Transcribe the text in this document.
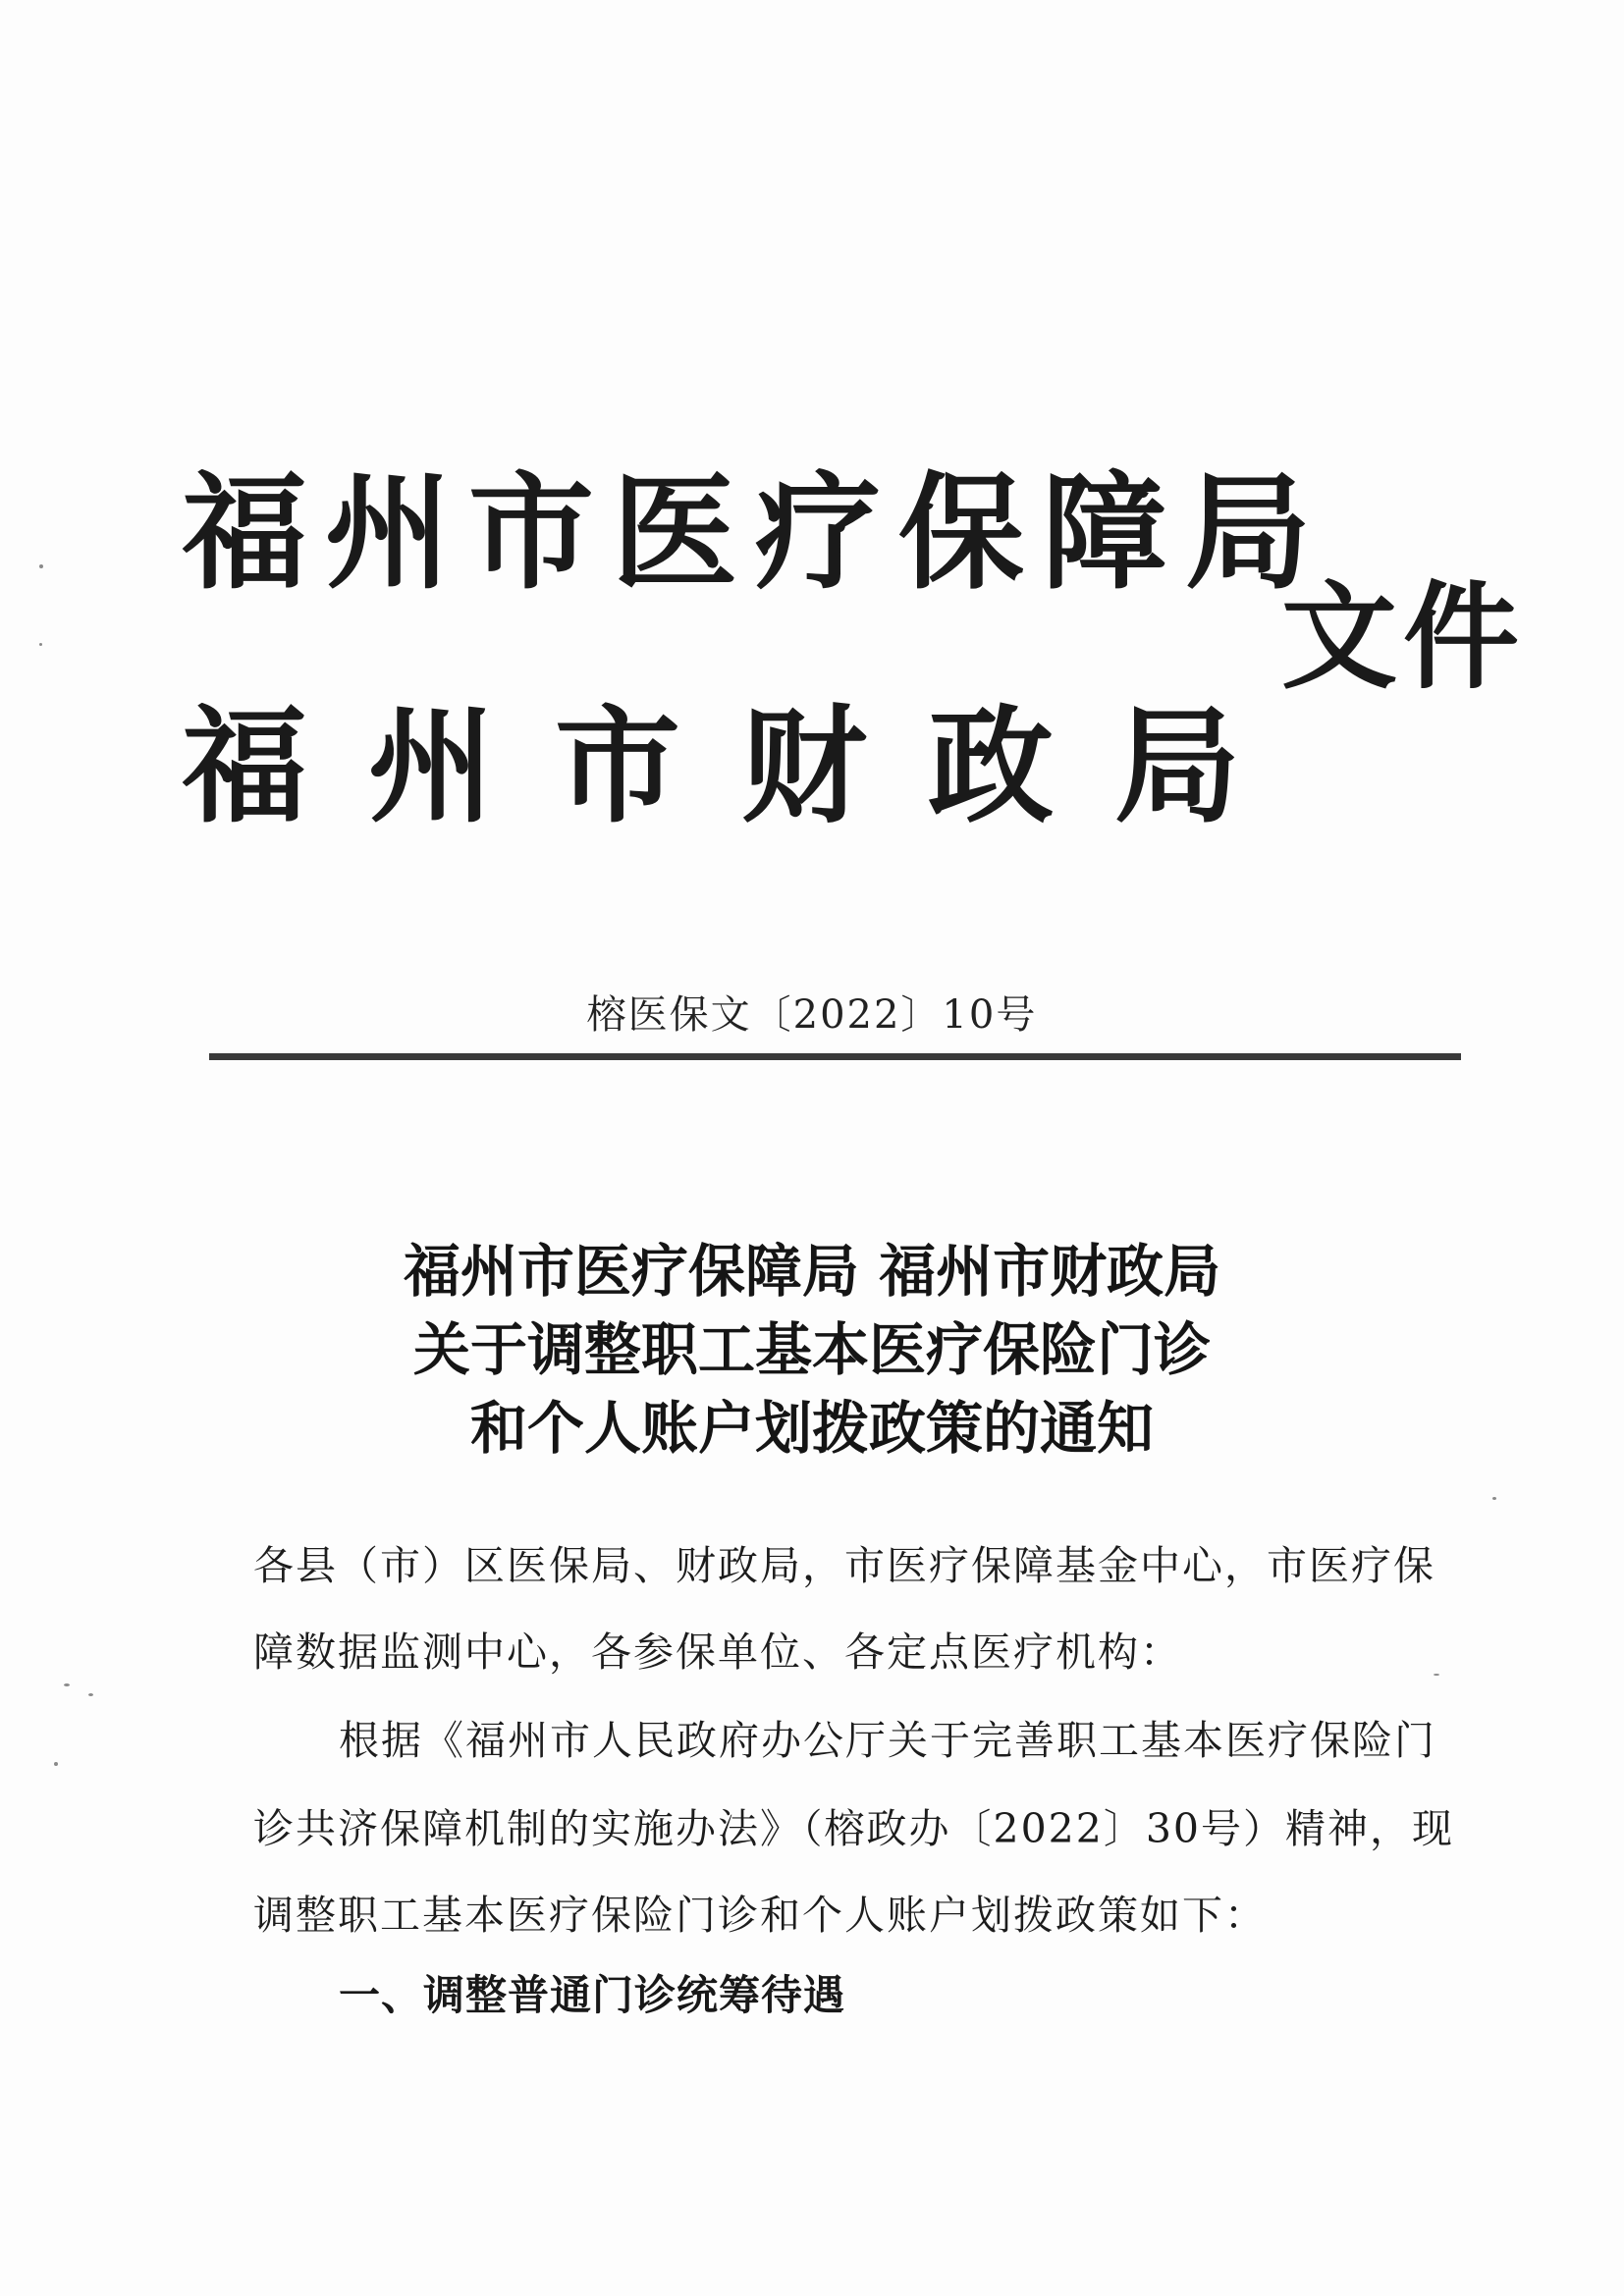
福州市医疗保障局
福州市财政局
文件
榕医保文〔2022〕10号
福州市医疗保障局 福州市财政局
关于调整职工基本医疗保险门诊
和个人账户划拨政策的通知
各县（市）区医保局、财政局，市医疗保障基金中心，市医疗保
障数据监测中心，各参保单位、各定点医疗机构：
根据《福州市人民政府办公厅关于完善职工基本医疗保险门
诊共济保障机制的实施办法》（榕政办〔2022〕30号）精神，现
调整职工基本医疗保险门诊和个人账户划拨政策如下：
一、调整普通门诊统筹待遇
